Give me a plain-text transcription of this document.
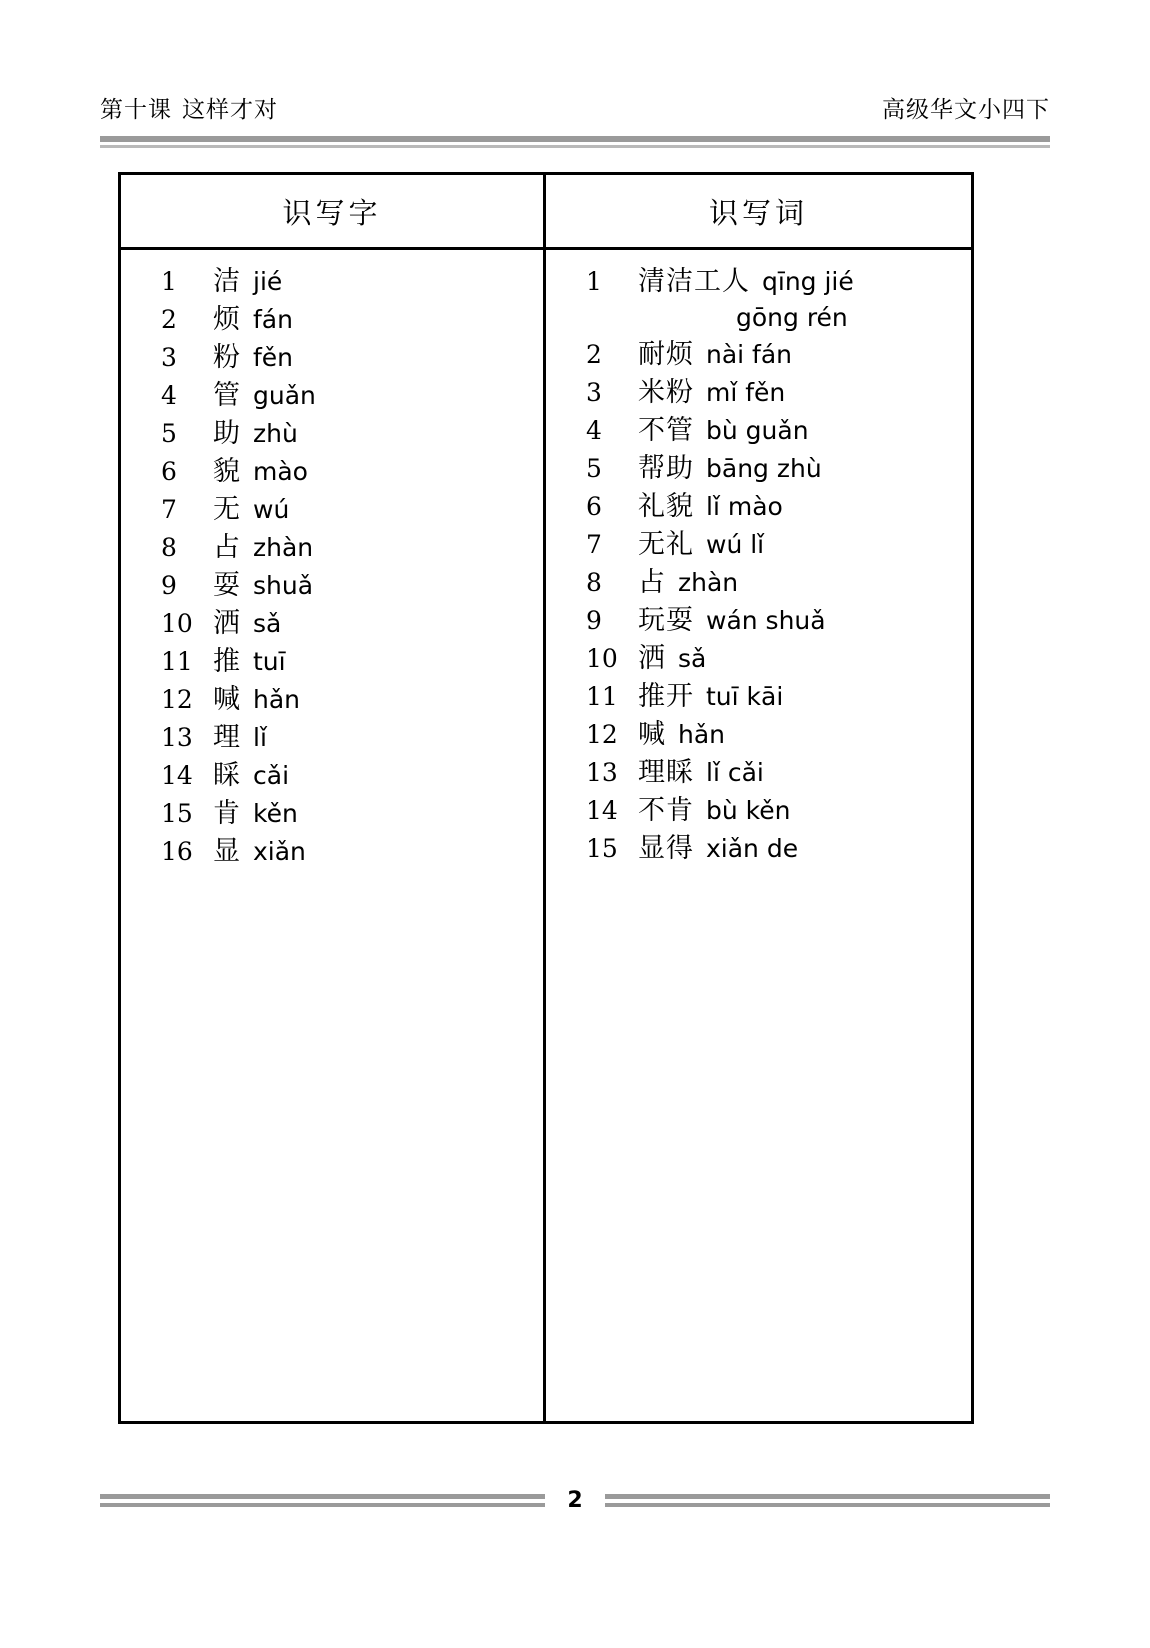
第十课 这样才对	高级华文小四下
识写字
1	洁 jié
2	烦 fán
3	粉 fěn
4	管 guǎn
5	助 zhù
6	貌 mào
7	无 wú
8	占 zhàn
9	耍 shuǎ
10 洒 sǎ
11 推 tuī
12 喊 hǎn
13 理 lǐ
14 睬 cǎi
15 肯 kěn
16 显 xiǎn
识写词
1	清洁工人 qīng jié
gōng rén
2	耐烦 nài fán
3	米粉 mǐ fěn
4	不管 bù guǎn
5	帮助 bāng zhù
6	礼貌 lǐ mào
7	无礼 wú lǐ
8	占 zhàn
9	玩耍 wán shuǎ
10 洒 sǎ
11 推开 tuī kāi
12 喊 hǎn
13 理睬 lǐ cǎi
14 不肯 bù kěn
15 显得 xiǎn de
2
